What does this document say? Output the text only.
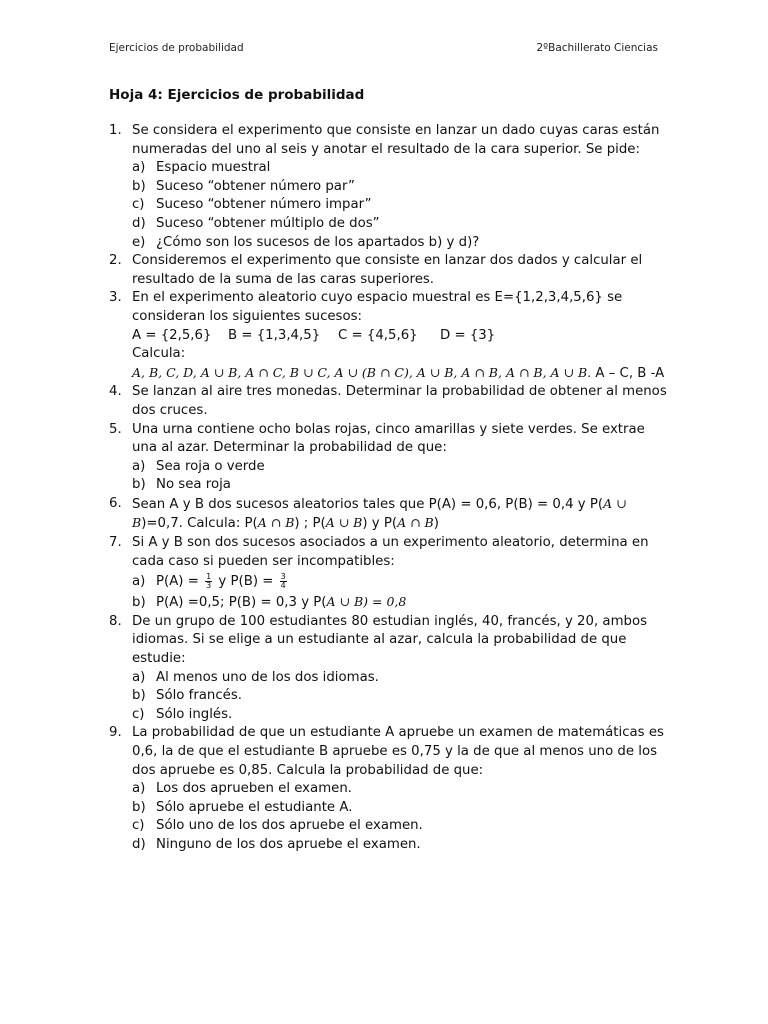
Ejercicios de probabilidad	2ºBachillerato Ciencias
Hoja 4: Ejercicios de probabilidad
1. Se considera el experimento que consiste en lanzar un dado cuyas caras están
numeradas del uno al seis y anotar el resultado de la cara superior. Se pide:
a) Espacio muestral
b) Suceso “obtener número par”
c) Suceso “obtener número impar”
d) Suceso “obtener múltiplo de dos”
e) ¿Cómo son los sucesos de los apartados b) y d)?
2. Consideremos el experimento que consiste en lanzar dos dados y calcular el
resultado de la suma de las caras superiores.
3. En el experimento aleatorio cuyo espacio muestral es E={1,2,3,4,5,6} se
consideran los siguientes sucesos:
A = {2,5,6} B = {1,3,4,5} C = {4,5,6} D = {3}
Calcula:
A, B, C, D, A ∪ B, A ∩ C, B ∪ C, A ∪ (B ∩ C), A ∪ B, A ∩ B, A ∩ B, A ∪ B. A – C, B -A
4. Se lanzan al aire tres monedas. Determinar la probabilidad de obtener al menos
dos cruces.
5. Una urna contiene ocho bolas rojas, cinco amarillas y siete verdes. Se extrae
una al azar. Determinar la probabilidad de que:
a) Sea roja o verde
b) No sea roja
6. Sean A y B dos sucesos aleatorios tales que P(A) = 0,6, P(B) = 0,4 y P(A ∪
B)=0,7. Calcula: P(A ∩ B) ; P(A ∪ B) y P(A ∩ B)
7. Si A y B son dos sucesos asociados a un experimento aleatorio, determina en
cada caso si pueden ser incompatibles:
a) $P(A) = \frac{1}{3}$ y $P(B) = \frac{3}{4}$
b) P(A) =0,5; P(B) = 0,3 y P(A ∪ B) = 0,8
8. De un grupo de 100 estudiantes 80 estudian inglés, 40, francés, y 20, ambos
idiomas. Si se elige a un estudiante al azar, calcula la probabilidad de que
estudie:
a) Al menos uno de los dos idiomas.
b) Sólo francés.
c) Sólo inglés.
9. La probabilidad de que un estudiante A apruebe un examen de matemáticas es
0,6, la de que el estudiante B apruebe es 0,75 y la de que al menos uno de los
dos apruebe es 0,85. Calcula la probabilidad de que:
a) Los dos aprueben el examen.
b) Sólo apruebe el estudiante A.
c) Sólo uno de los dos apruebe el examen.
d) Ninguno de los dos apruebe el examen.
